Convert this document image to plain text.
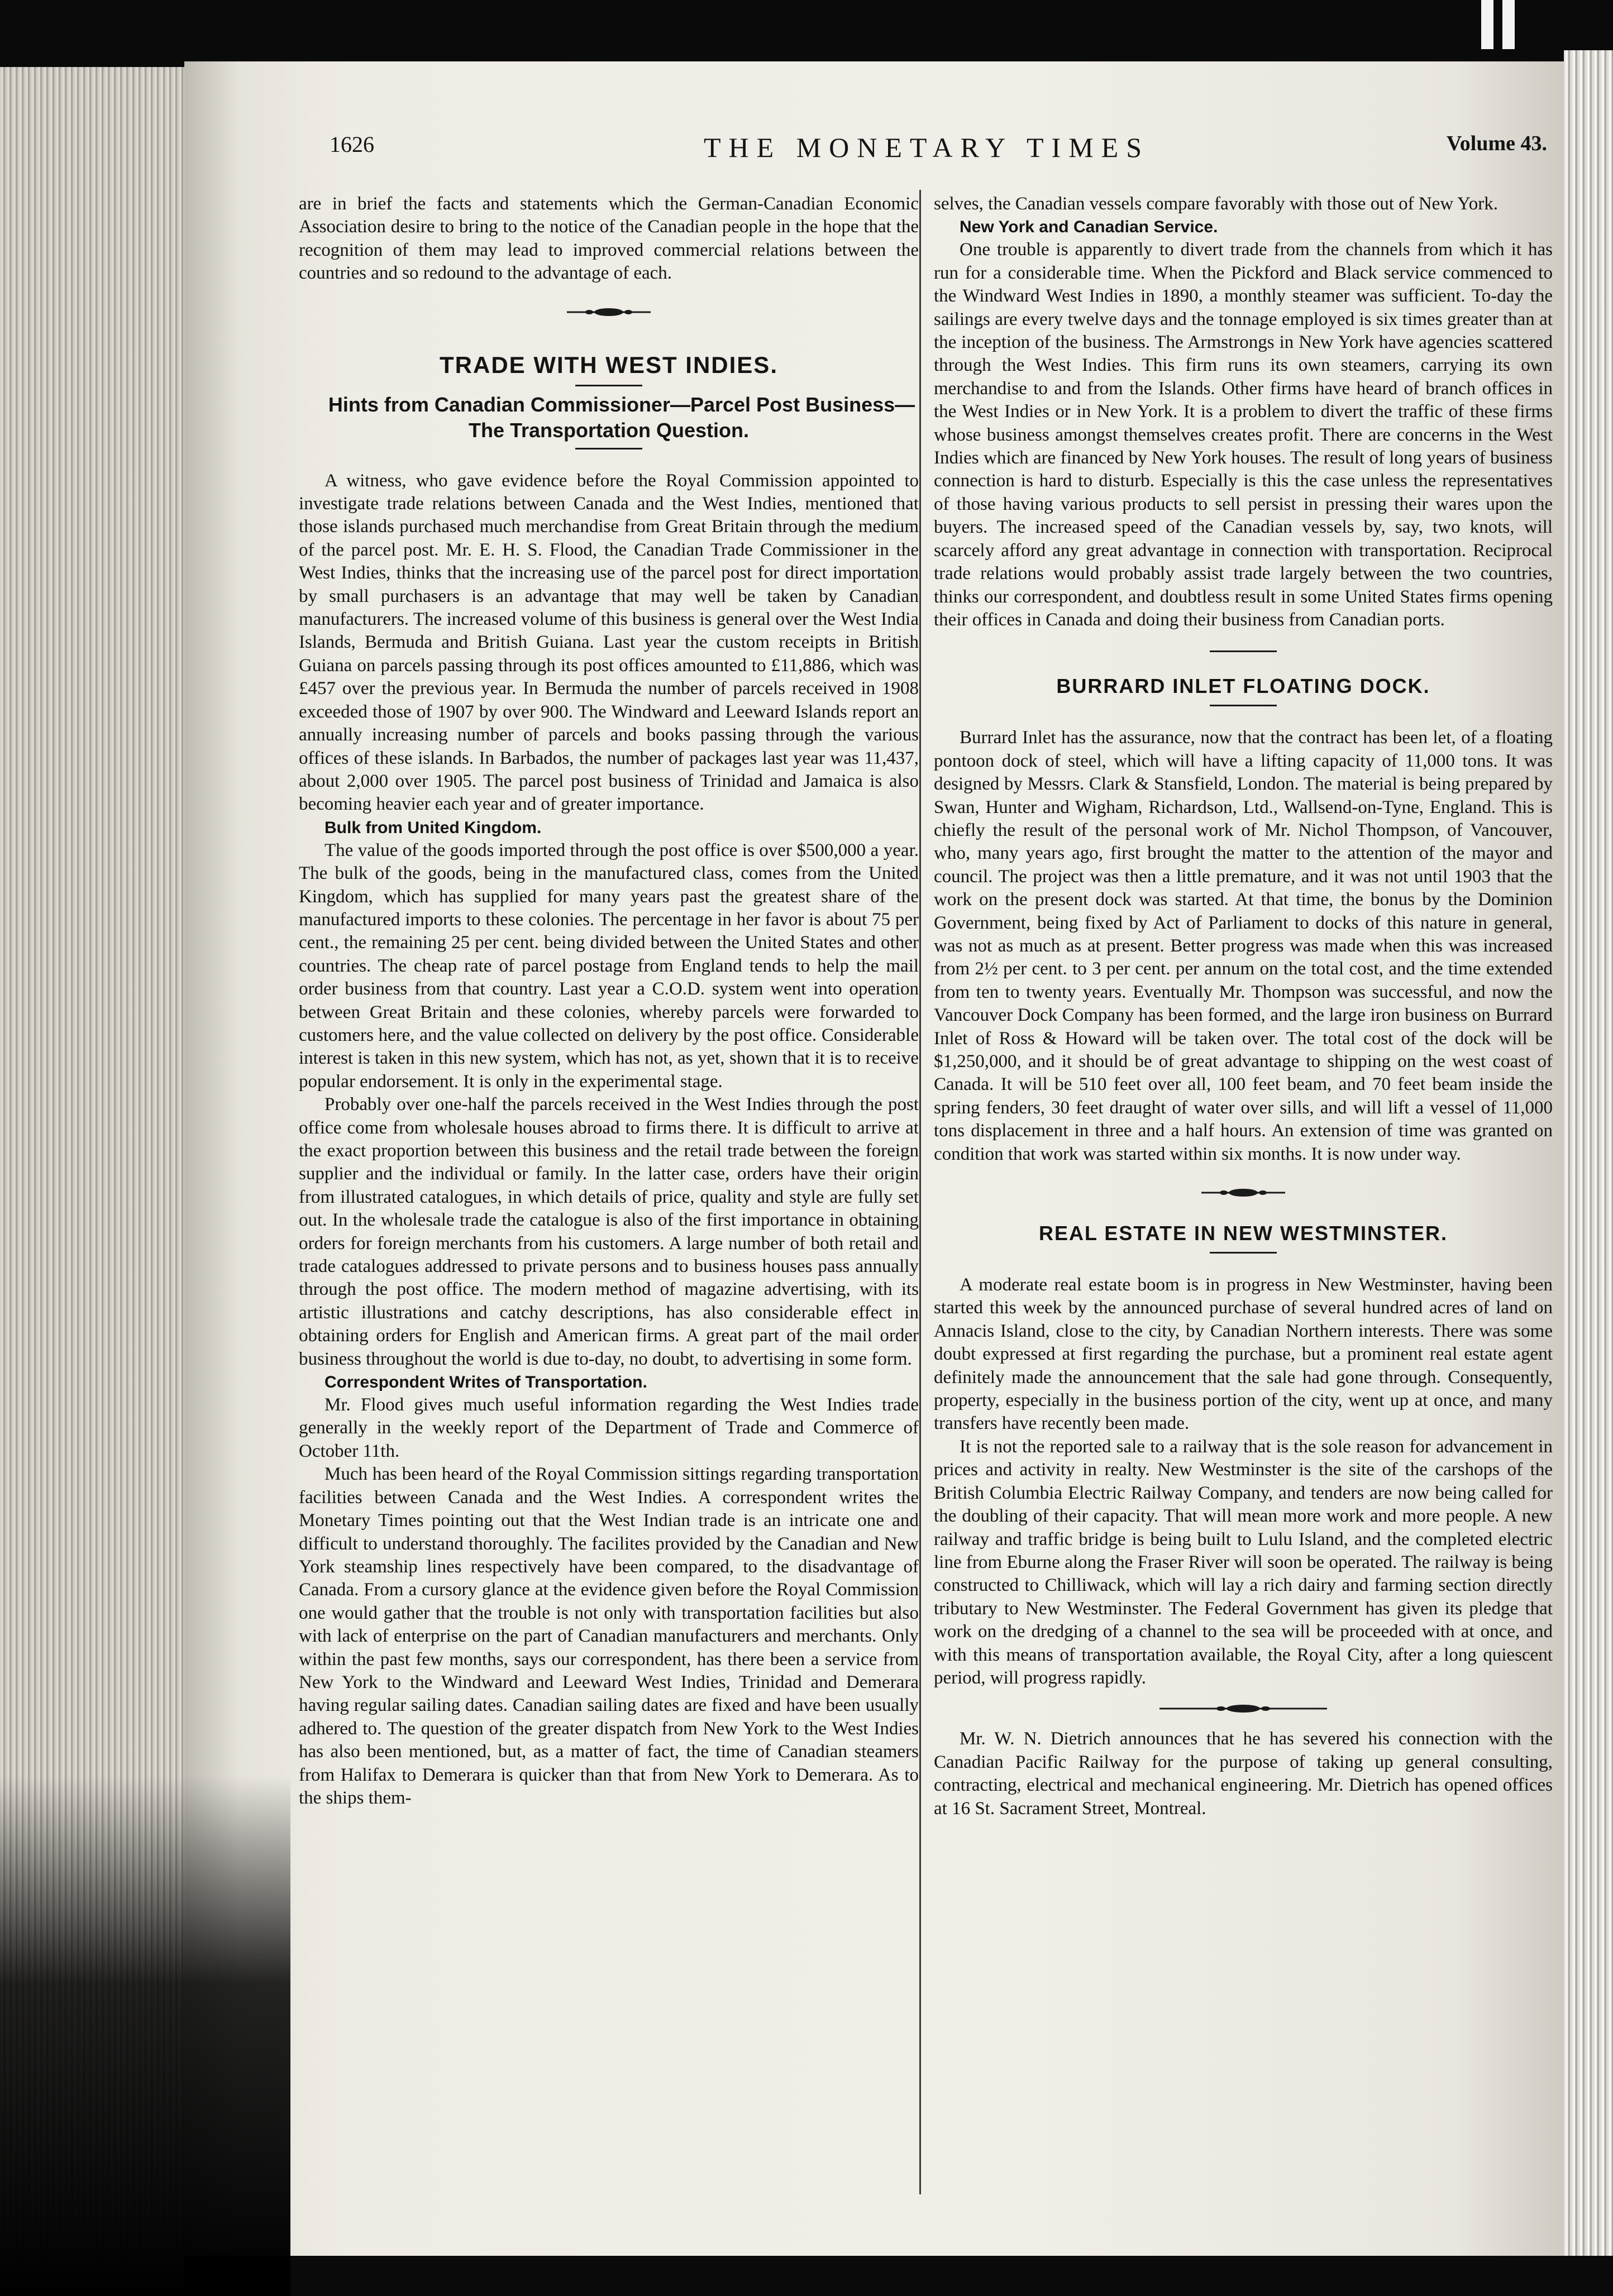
1626	THE MONETARY TIMES	Volume 43.

are in brief the facts and statements which the German-Canadian Economic Association desire to bring to the notice of the Canadian people in the hope that the recognition of them may lead to improved commercial relations between the countries and so redound to the advantage of each.

TRADE WITH WEST INDIES.

Hints from Canadian Commissioner—Parcel Post Business—The Transportation Question.

A witness, who gave evidence before the Royal Commission appointed to investigate trade relations between Canada and the West Indies, mentioned that those islands purchased much merchandise from Great Britain through the medium of the parcel post. Mr. E. H. S. Flood, the Canadian Trade Commissioner in the West Indies, thinks that the increasing use of the parcel post for direct importation by small purchasers is an advantage that may well be taken by Canadian manufacturers. The increased volume of this business is general over the West India Islands, Bermuda and British Guiana. Last year the custom receipts in British Guiana on parcels passing through its post offices amounted to £11,886, which was £457 over the previous year. In Bermuda the number of parcels received in 1908 exceeded those of 1907 by over 900. The Windward and Leeward Islands report an annually increasing number of parcels and books passing through the various offices of these islands. In Barbados, the number of packages last year was 11,437, about 2,000 over 1905. The parcel post business of Trinidad and Jamaica is also becoming heavier each year and of greater importance.

Bulk from United Kingdom.

The value of the goods imported through the post office is over $500,000 a year. The bulk of the goods, being in the manufactured class, comes from the United Kingdom, which has supplied for many years past the greatest share of the manufactured imports to these colonies. The percentage in her favor is about 75 per cent., the remaining 25 per cent. being divided between the United States and other countries. The cheap rate of parcel postage from England tends to help the mail order business from that country. Last year a C.O.D. system went into operation between Great Britain and these colonies, whereby parcels were forwarded to customers here, and the value collected on delivery by the post office. Considerable interest is taken in this new system, which has not, as yet, shown that it is to receive popular endorsement. It is only in the experimental stage.

Probably over one-half the parcels received in the West Indies through the post office come from wholesale houses abroad to firms there. It is difficult to arrive at the exact proportion between this business and the retail trade between the foreign supplier and the individual or family. In the latter case, orders have their origin from illustrated catalogues, in which details of price, quality and style are fully set out. In the wholesale trade the catalogue is also of the first importance in obtaining orders for foreign merchants from his customers. A large number of both retail and trade catalogues addressed to private persons and to business houses pass annually through the post office. The modern method of magazine advertising, with its artistic illustrations and catchy descriptions, has also considerable effect in obtaining orders for English and American firms. A great part of the mail order business throughout the world is due to-day, no doubt, to advertising in some form.

Correspondent Writes of Transportation.

Mr. Flood gives much useful information regarding the West Indies trade generally in the weekly report of the Department of Trade and Commerce of October 11th.

Much has been heard of the Royal Commission sittings regarding transportation facilities between Canada and the West Indies. A correspondent writes the Monetary Times pointing out that the West Indian trade is an intricate one and difficult to understand thoroughly. The facilites provided by the Canadian and New York steamship lines respectively have been compared, to the disadvantage of Canada. From a cursory glance at the evidence given before the Royal Commission one would gather that the trouble is not only with transportation facilities but also with lack of enterprise on the part of Canadian manufacturers and merchants. Only within the past few months, says our correspondent, has there been a service from New York to the Windward and Leeward West Indies, Trinidad and Demerara having regular sailing dates. Canadian sailing dates are fixed and have been usually adhered to. The question of the greater dispatch from New York to the West Indies has also been mentioned, but, as a matter of fact, the time of Canadian steamers from Halifax to Demerara is quicker than that from New York to Demerara. As to the ships them-

selves, the Canadian vessels compare favorably with those out of New York.

New York and Canadian Service.

One trouble is apparently to divert trade from the channels from which it has run for a considerable time. When the Pickford and Black service commenced to the Windward West Indies in 1890, a monthly steamer was sufficient. To-day the sailings are every twelve days and the tonnage employed is six times greater than at the inception of the business. The Armstrongs in New York have agencies scattered through the West Indies. This firm runs its own steamers, carrying its own merchandise to and from the Islands. Other firms have heard of branch offices in the West Indies or in New York. It is a problem to divert the traffic of these firms whose business amongst themselves creates profit. There are concerns in the West Indies which are financed by New York houses. The result of long years of business connection is hard to disturb. Especially is this the case unless the representatives of those having various products to sell persist in pressing their wares upon the buyers. The increased speed of the Canadian vessels by, say, two knots, will scarcely afford any great advantage in connection with transportation. Reciprocal trade relations would probably assist trade largely between the two countries, thinks our correspondent, and doubtless result in some United States firms opening their offices in Canada and doing their business from Canadian ports.

BURRARD INLET FLOATING DOCK.

Burrard Inlet has the assurance, now that the contract has been let, of a floating pontoon dock of steel, which will have a lifting capacity of 11,000 tons. It was designed by Messrs. Clark & Stansfield, London. The material is being prepared by Swan, Hunter and Wigham, Richardson, Ltd., Wallsend-on-Tyne, England. This is chiefly the result of the personal work of Mr. Nichol Thompson, of Vancouver, who, many years ago, first brought the matter to the attention of the mayor and council. The project was then a little premature, and it was not until 1903 that the work on the present dock was started. At that time, the bonus by the Dominion Government, being fixed by Act of Parliament to docks of this nature in general, was not as much as at present. Better progress was made when this was increased from 2½ per cent. to 3 per cent. per annum on the total cost, and the time extended from ten to twenty years. Eventually Mr. Thompson was successful, and now the Vancouver Dock Company has been formed, and the large iron business on Burrard Inlet of Ross & Howard will be taken over. The total cost of the dock will be $1,250,000, and it should be of great advantage to shipping on the west coast of Canada. It will be 510 feet over all, 100 feet beam, and 70 feet beam inside the spring fenders, 30 feet draught of water over sills, and will lift a vessel of 11,000 tons displacement in three and a half hours. An extension of time was granted on condition that work was started within six months. It is now under way.

REAL ESTATE IN NEW WESTMINSTER.

A moderate real estate boom is in progress in New Westminster, having been started this week by the announced purchase of several hundred acres of land on Annacis Island, close to the city, by Canadian Northern interests. There was some doubt expressed at first regarding the purchase, but a prominent real estate agent definitely made the announcement that the sale had gone through. Consequently, property, especially in the business portion of the city, went up at once, and many transfers have recently been made.

It is not the reported sale to a railway that is the sole reason for advancement in prices and activity in realty. New Westminster is the site of the carshops of the British Columbia Electric Railway Company, and tenders are now being called for the doubling of their capacity. That will mean more work and more people. A new railway and traffic bridge is being built to Lulu Island, and the completed electric line from Eburne along the Fraser River will soon be operated. The railway is being constructed to Chilliwack, which will lay a rich dairy and farming section directly tributary to New Westminster. The Federal Government has given its pledge that work on the dredging of a channel to the sea will be proceeded with at once, and with this means of transportation available, the Royal City, after a long quiescent period, will progress rapidly.

Mr. W. N. Dietrich announces that he has severed his connection with the Canadian Pacific Railway for the purpose of taking up general consulting, contracting, electrical and mechanical engineering. Mr. Dietrich has opened offices at 16 St. Sacrament Street, Montreal.
